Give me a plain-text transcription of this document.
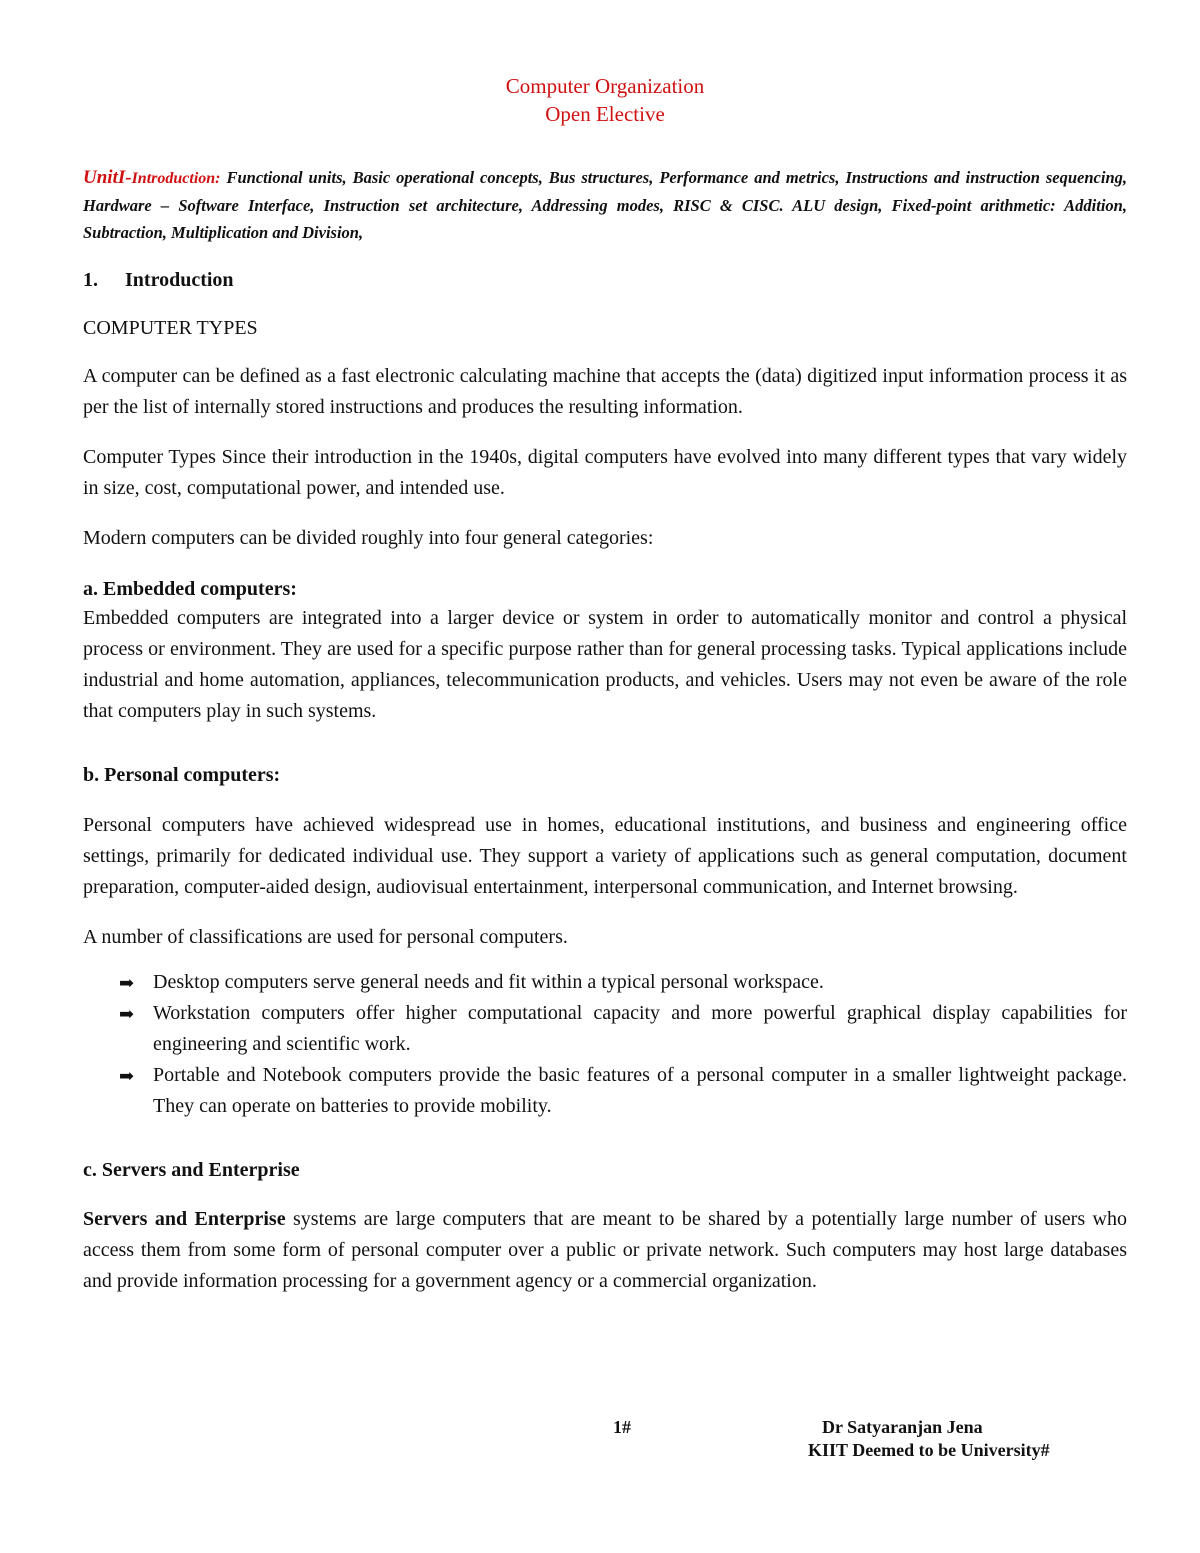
Computer Organization
Open Elective
UnitI-Introduction: Functional units, Basic operational concepts, Bus structures, Performance and metrics, Instructions and instruction sequencing, Hardware – Software Interface, Instruction set architecture, Addressing modes, RISC & CISC. ALU design, Fixed-point arithmetic: Addition, Subtraction, Multiplication and Division,
1. Introduction
COMPUTER TYPES

A computer can be defined as a fast electronic calculating machine that accepts the (data) digitized input information process it as per the list of internally stored instructions and produces the resulting information.

Computer Types Since their introduction in the 1940s, digital computers have evolved into many different types that vary widely in size, cost, computational power, and intended use.

Modern computers can be divided roughly into four general categories:

a. Embedded computers:

Embedded computers are integrated into a larger device or system in order to automatically monitor and control a physical process or environment. They are used for a specific purpose rather than for general processing tasks. Typical applications include industrial and home automation, appliances, telecommunication products, and vehicles. Users may not even be aware of the role that computers play in such systems.

b. Personal computers:

Personal computers have achieved widespread use in homes, educational institutions, and business and engineering office settings, primarily for dedicated individual use. They support a variety of applications such as general computation, document preparation, computer-aided design, audiovisual entertainment, interpersonal communication, and Internet browsing.

A number of classifications are used for personal computers.

➡ Desktop computers serve general needs and fit within a typical personal workspace.
➡ Workstation computers offer higher computational capacity and more powerful graphical display capabilities for engineering and scientific work.
➡ Portable and Notebook computers provide the basic features of a personal computer in a smaller lightweight package. They can operate on batteries to provide mobility.
c. Servers and Enterprise

Servers and Enterprise systems are large computers that are meant to be shared by a potentially large number of users who access them from some form of personal computer over a public or private network. Such computers may host large databases and provide information processing for a government agency or a commercial organization.

1#	Dr Satyaranjan Jena
KIIT Deemed to be University#
